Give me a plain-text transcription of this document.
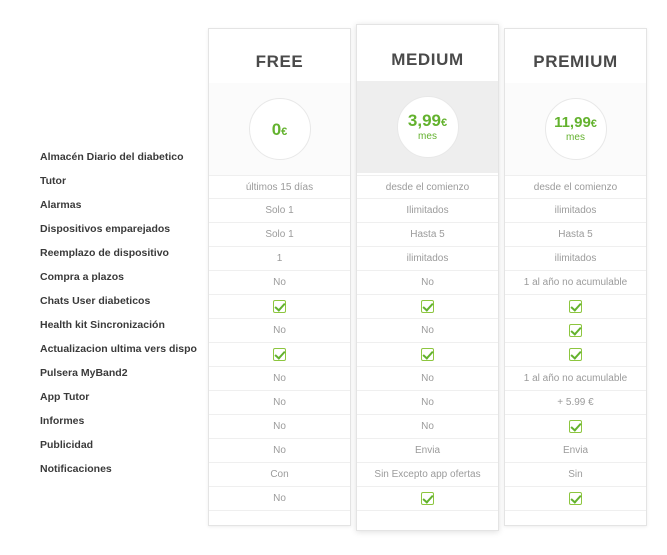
Almacén Diario del diabetico
Tutor
Alarmas
Dispositivos emparejados
Reemplazo de dispositivo
Compra a plazos
Chats User diabeticos
Health kit Sincronización
Actualizacion ultima vers dispo
Pulsera MyBand2
App Tutor
Informes
Publicidad
Notificaciones
FREE
0€
últimos 15 días
Solo 1
Solo 1
1
No
No
No
No
No
No
Con
No
MEDIUM
3,99€
mes
desde el comienzo
Ilimitados
Hasta 5
ilimitados
No
No
No
No
No
Envia
Sin Excepto app ofertas
PREMIUM
11,99€
mes
desde el comienzo
ilimitados
Hasta 5
ilimitados
1 al año no acumulable
1 al año no acumulable
+ 5.99 €
Envia
Sin
